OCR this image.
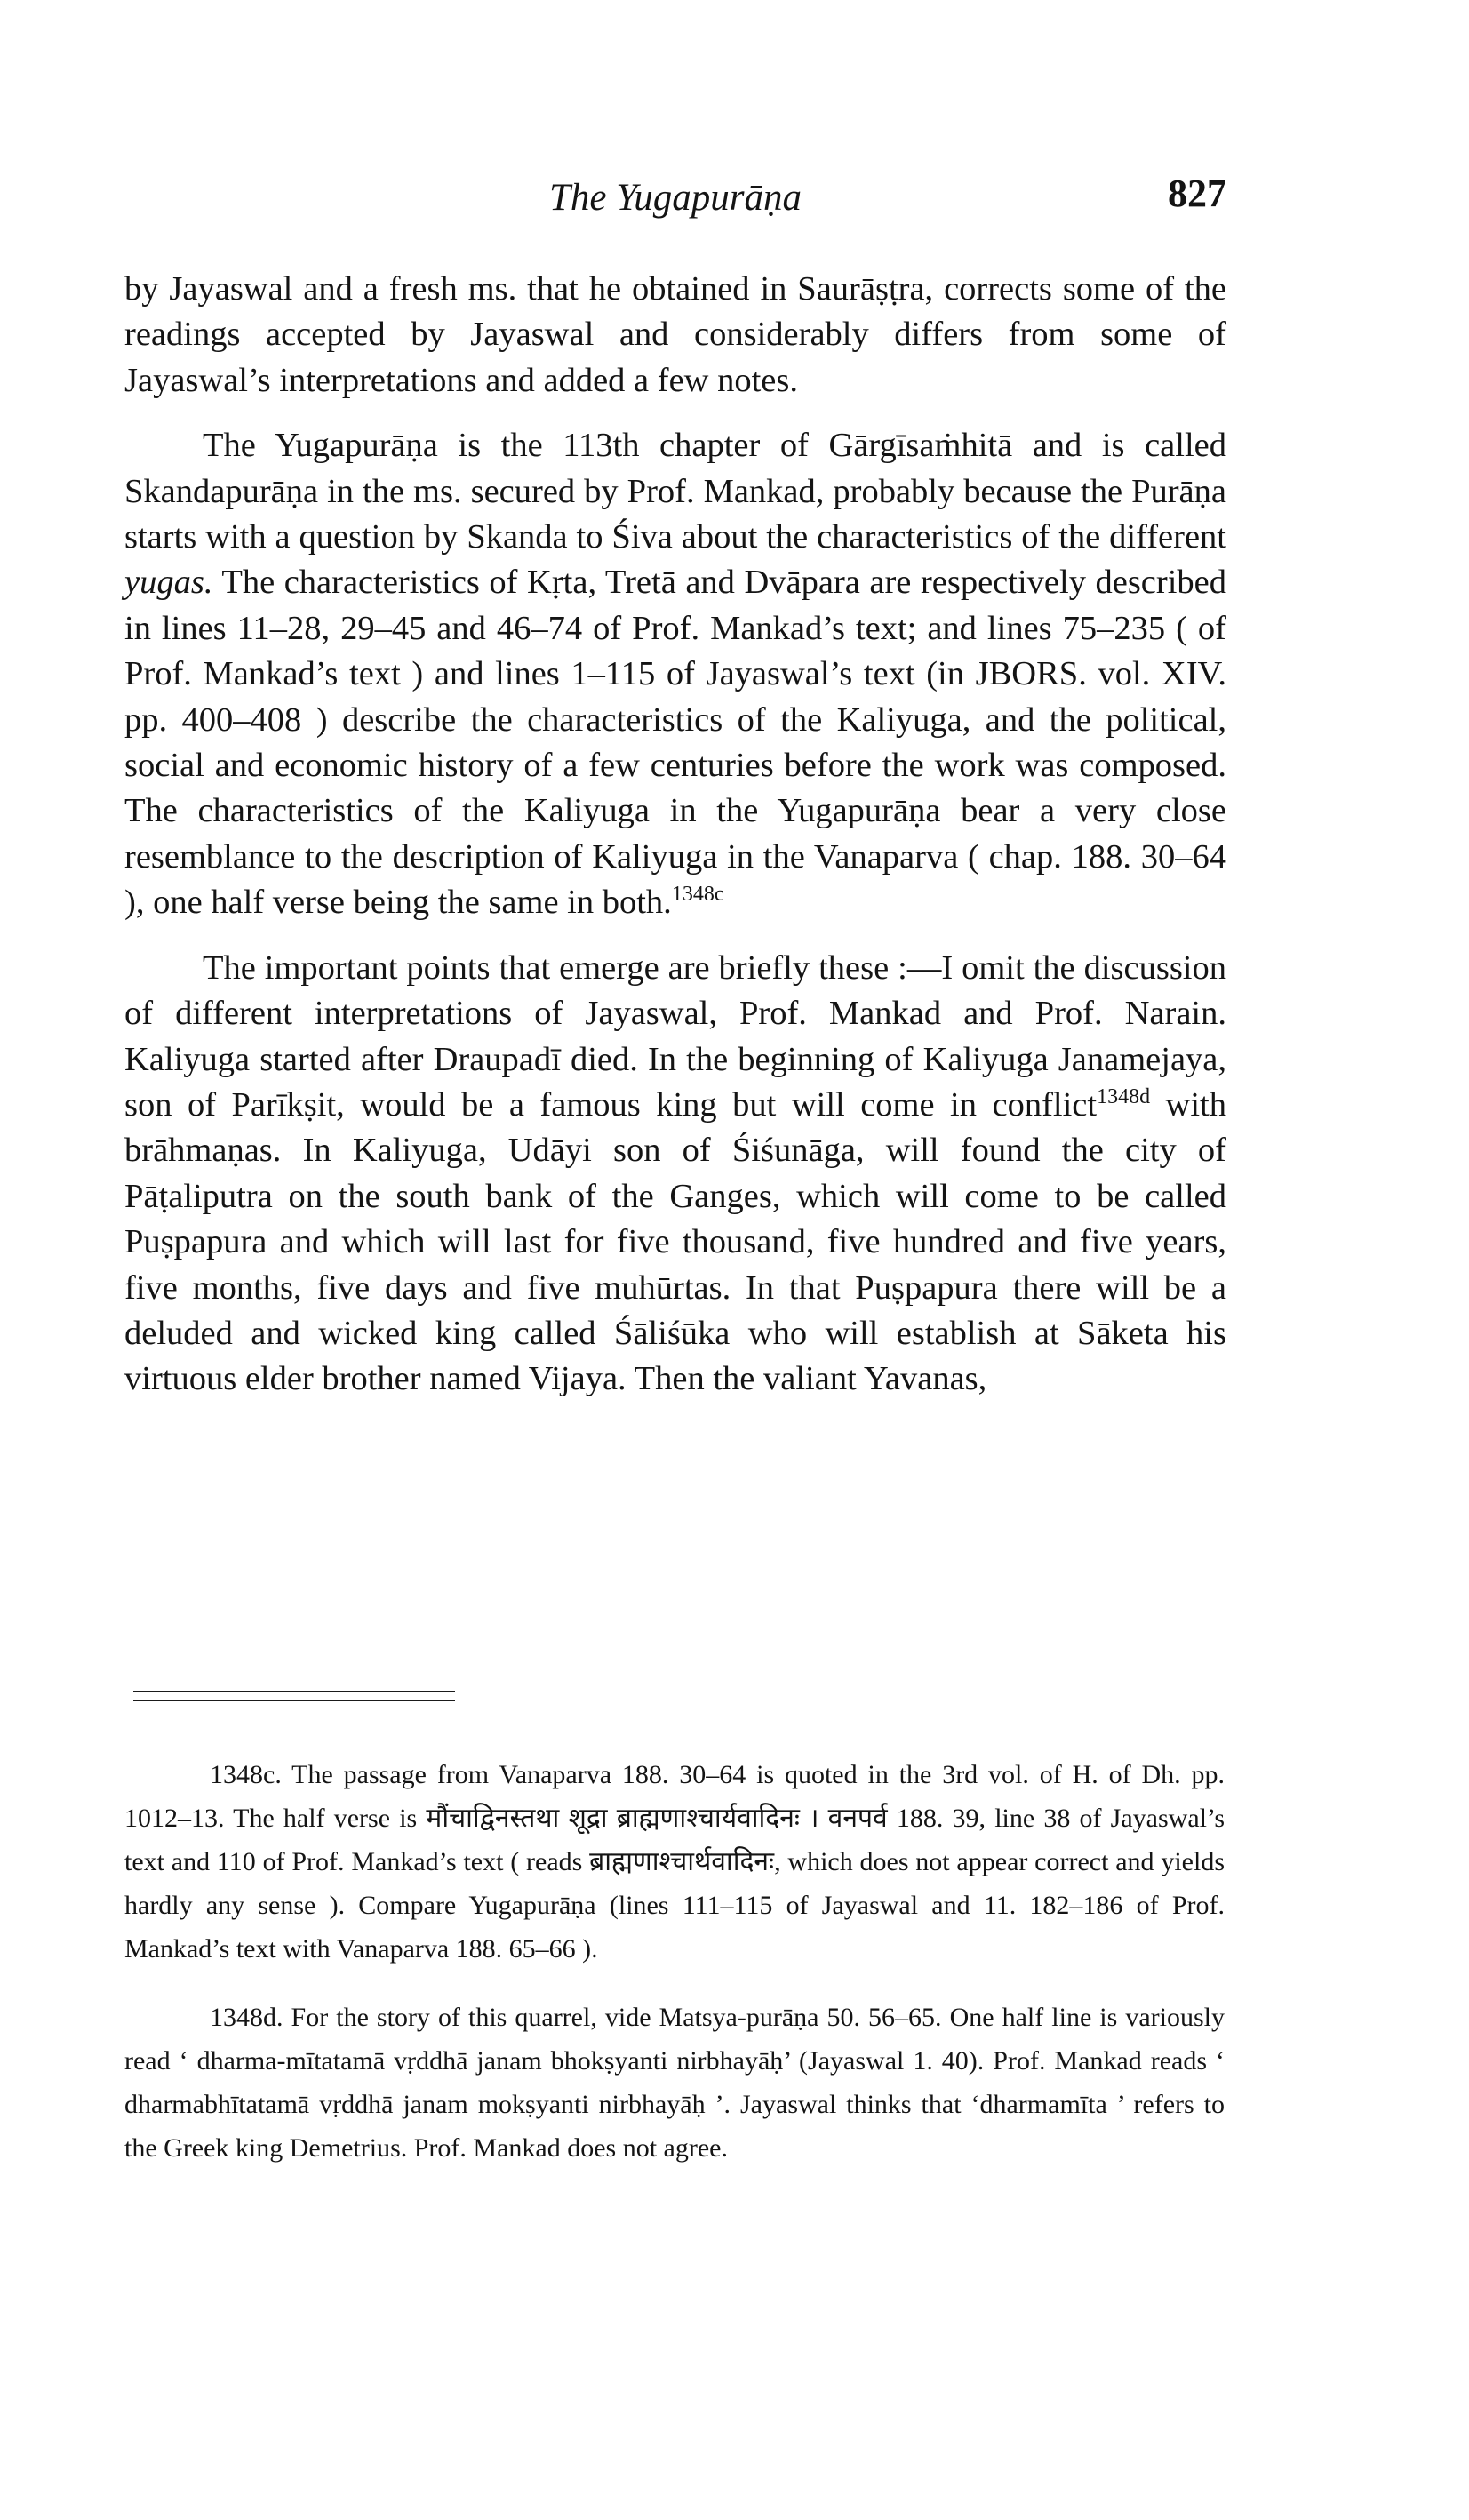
The Yugapurāṇa	827

by Jayaswal and a fresh ms. that he obtained in Saurāṣṭra, corrects some of the readings accepted by Jayaswal and considerably differs from some of Jayaswal’s interpretations and added a few notes.

The Yugapurāṇa is the 113th chapter of Gārgīsaṁhitā and is called Skandapurāṇa in the ms. secured by Prof. Mankad, probably because the Purāṇa starts with a question by Skanda to Śiva about the characteristics of the different yugas. The characteristics of Kṛta, Tretā and Dvāpara are respectively described in lines 11–28, 29–45 and 46–74 of Prof. Mankad’s text; and lines 75–235 ( of Prof. Mankad’s text ) and lines 1–115 of Jayaswal’s text (in JBORS. vol. XIV. pp. 400–408 ) describe the characteristics of the Kaliyuga, and the political, social and economic history of a few centuries before the work was composed. The characteristics of the Kaliyuga in the Yugapurāṇa bear a very close resemblance to the description of Kaliyuga in the Vanaparva ( chap. 188. 30–64 ), one half verse being the same in both.$^{1348c}$

The important points that emerge are briefly these :—I omit the discussion of different interpretations of Jayaswal, Prof. Mankad and Prof. Narain. Kaliyuga started after Draupadī died. In the beginning of Kaliyuga Janamejaya, son of Parīkṣit, would be a famous king but will come in conflict$^{1348d}$ with brāhmaṇas. In Kaliyuga, Udāyi son of Śiśunāga, will found the city of Pāṭaliputra on the south bank of the Ganges, which will come to be called Puṣpapura and which will last for five thousand, five hundred and five years, five months, five days and five muhūrtas. In that Puṣpapura there will be a deluded and wicked king called Śāliśūka who will establish at Sāketa his virtuous elder brother named Vijaya. Then the valiant Yavanas,

1348c. The passage from Vanaparva 188. 30–64 is quoted in the 3rd vol. of H. of Dh. pp. 1012–13. The half verse is मौंचाद्विनस्तथा शूद्रा ब्राह्मणाश्चार्यवादिनः । वनपर्व 188. 39, line 38 of Jayaswal’s text and 110 of Prof. Mankad’s text ( reads ब्राह्मणाश्चार्थवादिनः, which does not appear correct and yields hardly any sense ). Compare Yugapurāṇa (lines 111–115 of Jayaswal and 11. 182–186 of Prof. Mankad’s text with Vanaparva 188. 65–66 ).

1348d. For the story of this quarrel, vide Matsya-purāṇa 50. 56–65. One half line is variously read ‘ dharma-mītatamā vṛddhā janam bhokṣyanti nirbhayāḥ’ (Jayaswal 1. 40). Prof. Mankad reads ‘ dharmabhītatamā vṛddhā janam mokṣyanti nirbhayāḥ ’. Jayaswal thinks that ‘dharmamīta ’ refers to the Greek king Demetrius. Prof. Mankad does not agree.
